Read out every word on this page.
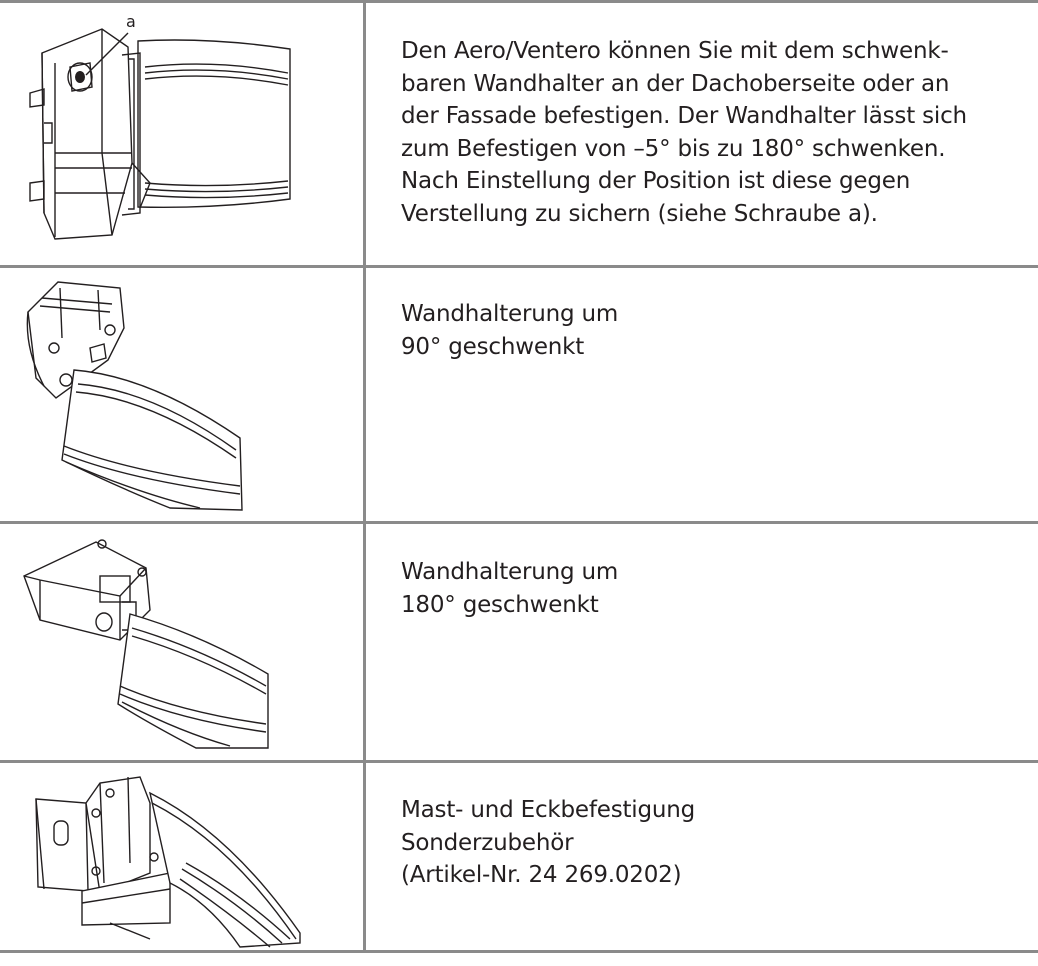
a

Den Aero/Ventero können Sie mit dem schwenk-

baren Wandhalter an der Dachoberseite oder an

der Fassade befestigen. Der Wandhalter lässt sich

zum Befestigen von –5° bis zu 180° schwenken.

Nach Einstellung der Position ist diese gegen

Verstellung zu sichern (siehe Schraube a).

Wandhalterung um

90° geschwenkt

Wandhalterung um

180° geschwenkt

Mast- und Eckbefestigung

Sonderzubehör

(Artikel-Nr. 24 269.0202)
